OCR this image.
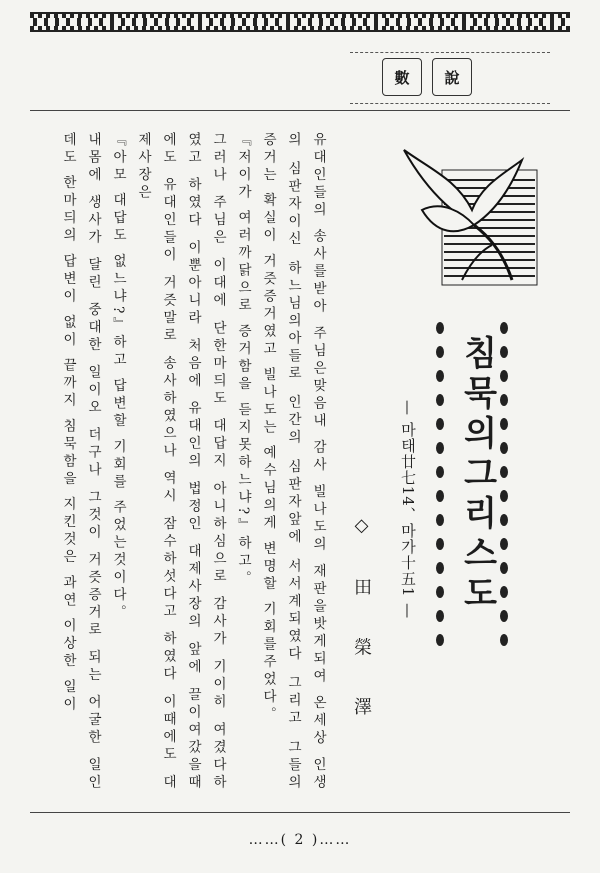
數	說
침묵의그리스도
— 마태廿七14、마가十五1 —
◇ 田 榮 澤

유대인들의 송사를받아 주님은맞음내 감사 빌나도의 재판을밧게되여 온세상 인생의 심판자이신 하느님의아들로 인간의 심판자앞에 서서계되였다 그리고 그들의 증거는 확실이 거즛증거였고 빌나도는 예수님의게 변명할 기회를주었다。

『저이가 여러까닭으로 증거함을 듣지못하느냐?』하고。

그러나 주님은 이대에 단한마듸도 대답지 아니하심으로 감사가 기이히 여겼다하였고 하였다 이뿐아니라 처음에 유대인의 법정인 대제사장의 앞에 끌이여갔을때에도 유대인들이 거즛말로 송사하였으나 역시 잠수하섯다고 하였다 이때에도 대제사장은

『아모 대답도 없느냐?』하고 답변할 기회를 주었는것이다。

내몸에 생사가 달린 중대한 일이오 더구나 그것이 거즛증거로 되는 어굴한 일인데도 한마듸의 답변이 없이 끝까지 침묵함을 지킨것은 과연 이상한 일이

……( 2 )……
